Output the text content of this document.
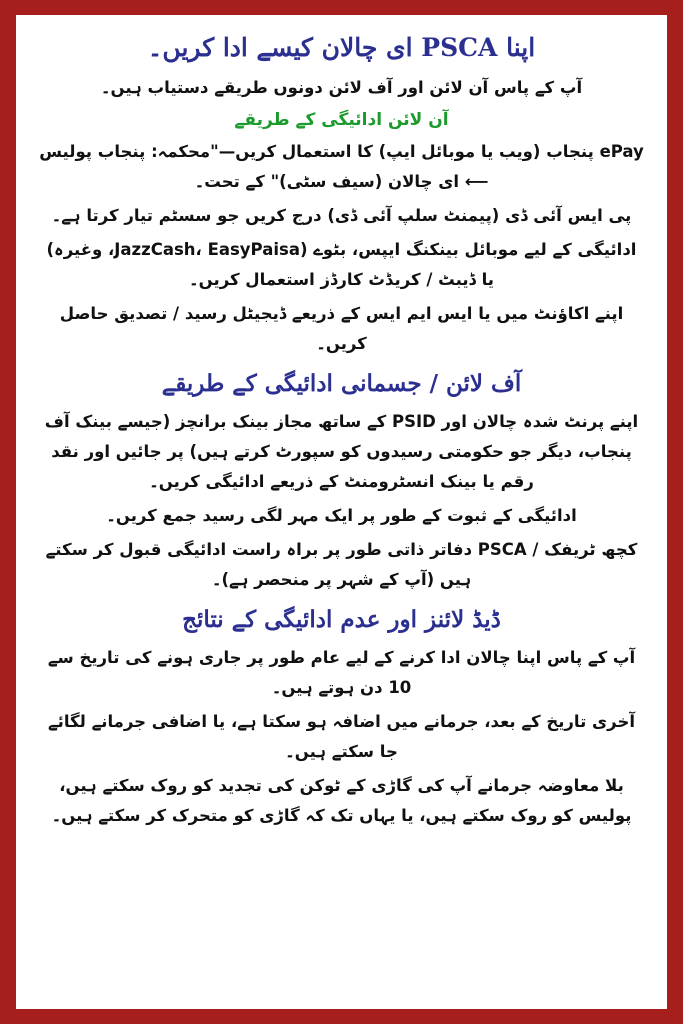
اپنا PSCA ای چالان کیسے ادا کریں۔

آپ کے پاس آن لائن اور آف لائن دونوں طریقے دستیاب ہیں۔

آن لائن ادائیگی کے طریقے

ePay پنجاب (ویب یا موبائل ایپ) کا استعمال کریں—"محکمہ: پنجاب پولیس ⟵ ای چالان (سیف سٹی)" کے تحت۔

پی ایس آئی ڈی (پیمنٹ سلپ آئی ڈی) درج کریں جو سسٹم تیار کرتا ہے۔

ادائیگی کے لیے موبائل بینکنگ ایپس، بٹوے (JazzCash، EasyPaisa، وغیرہ) یا ڈیبٹ / کریڈٹ کارڈز استعمال کریں۔

اپنے اکاؤنٹ میں یا ایس ایم ایس کے ذریعے ڈیجیٹل رسید / تصدیق حاصل کریں۔

آف لائن / جسمانی ادائیگی کے طریقے

اپنے پرنٹ شدہ چالان اور PSID کے ساتھ مجاز بینک برانچز (جیسے بینک آف پنجاب، دیگر جو حکومتی رسیدوں کو سپورٹ کرتے ہیں) پر جائیں اور نقد رقم یا بینک انسٹرومنٹ کے ذریعے ادائیگی کریں۔

ادائیگی کے ثبوت کے طور پر ایک مہر لگی رسید جمع کریں۔

کچھ ٹریفک / PSCA دفاتر ذاتی طور پر براہ راست ادائیگی قبول کر سکتے ہیں (آپ کے شہر پر منحصر ہے)۔

ڈیڈ لائنز اور عدم ادائیگی کے نتائج

آپ کے پاس اپنا چالان ادا کرنے کے لیے عام طور پر جاری ہونے کی تاریخ سے 10 دن ہوتے ہیں۔

آخری تاریخ کے بعد، جرمانے میں اضافہ ہو سکتا ہے، یا اضافی جرمانے لگائے جا سکتے ہیں۔

بلا معاوضہ جرمانے آپ کی گاڑی کے ٹوکن کی تجدید کو روک سکتے ہیں، پولیس کو روک سکتے ہیں، یا یہاں تک کہ گاڑی کو متحرک کر سکتے ہیں۔
